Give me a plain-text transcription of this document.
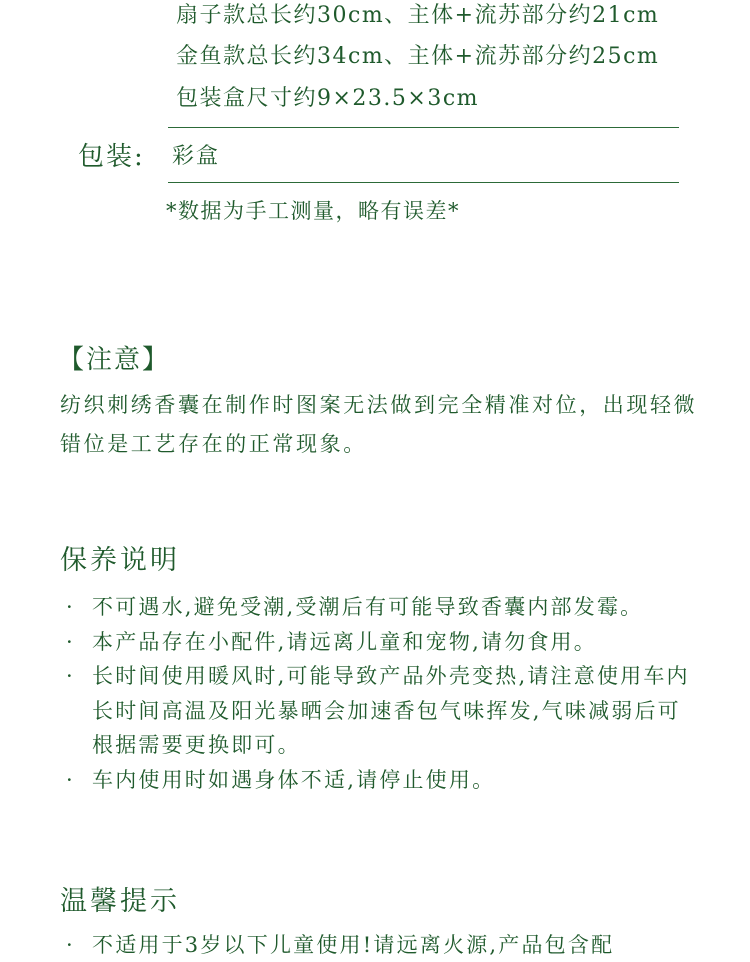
扇子款总长约30cm、主体+流苏部分约21cm
金鱼款总长约34cm、主体+流苏部分约25cm
包装盒尺寸约9×23.5×3cm
包装: 彩盒
*数据为手工测量，略有误差*
【注意】
纺织刺绣香囊在制作时图案无法做到完全精准对位，出现轻微错位是工艺存在的正常现象。
保养说明
· 不可遇水,避免受潮,受潮后有可能导致香囊内部发霉。
· 本产品存在小配件,请远离儿童和宠物,请勿食用。
· 长时间使用暖风时,可能导致产品外壳变热,请注意使用车内长时间高温及阳光暴晒会加速香包气味挥发,气味减弱后可根据需要更换即可。
· 车内使用时如遇身体不适,请停止使用。
温馨提示
· 不适用于3岁以下儿童使用!请远离火源,产品包含配
